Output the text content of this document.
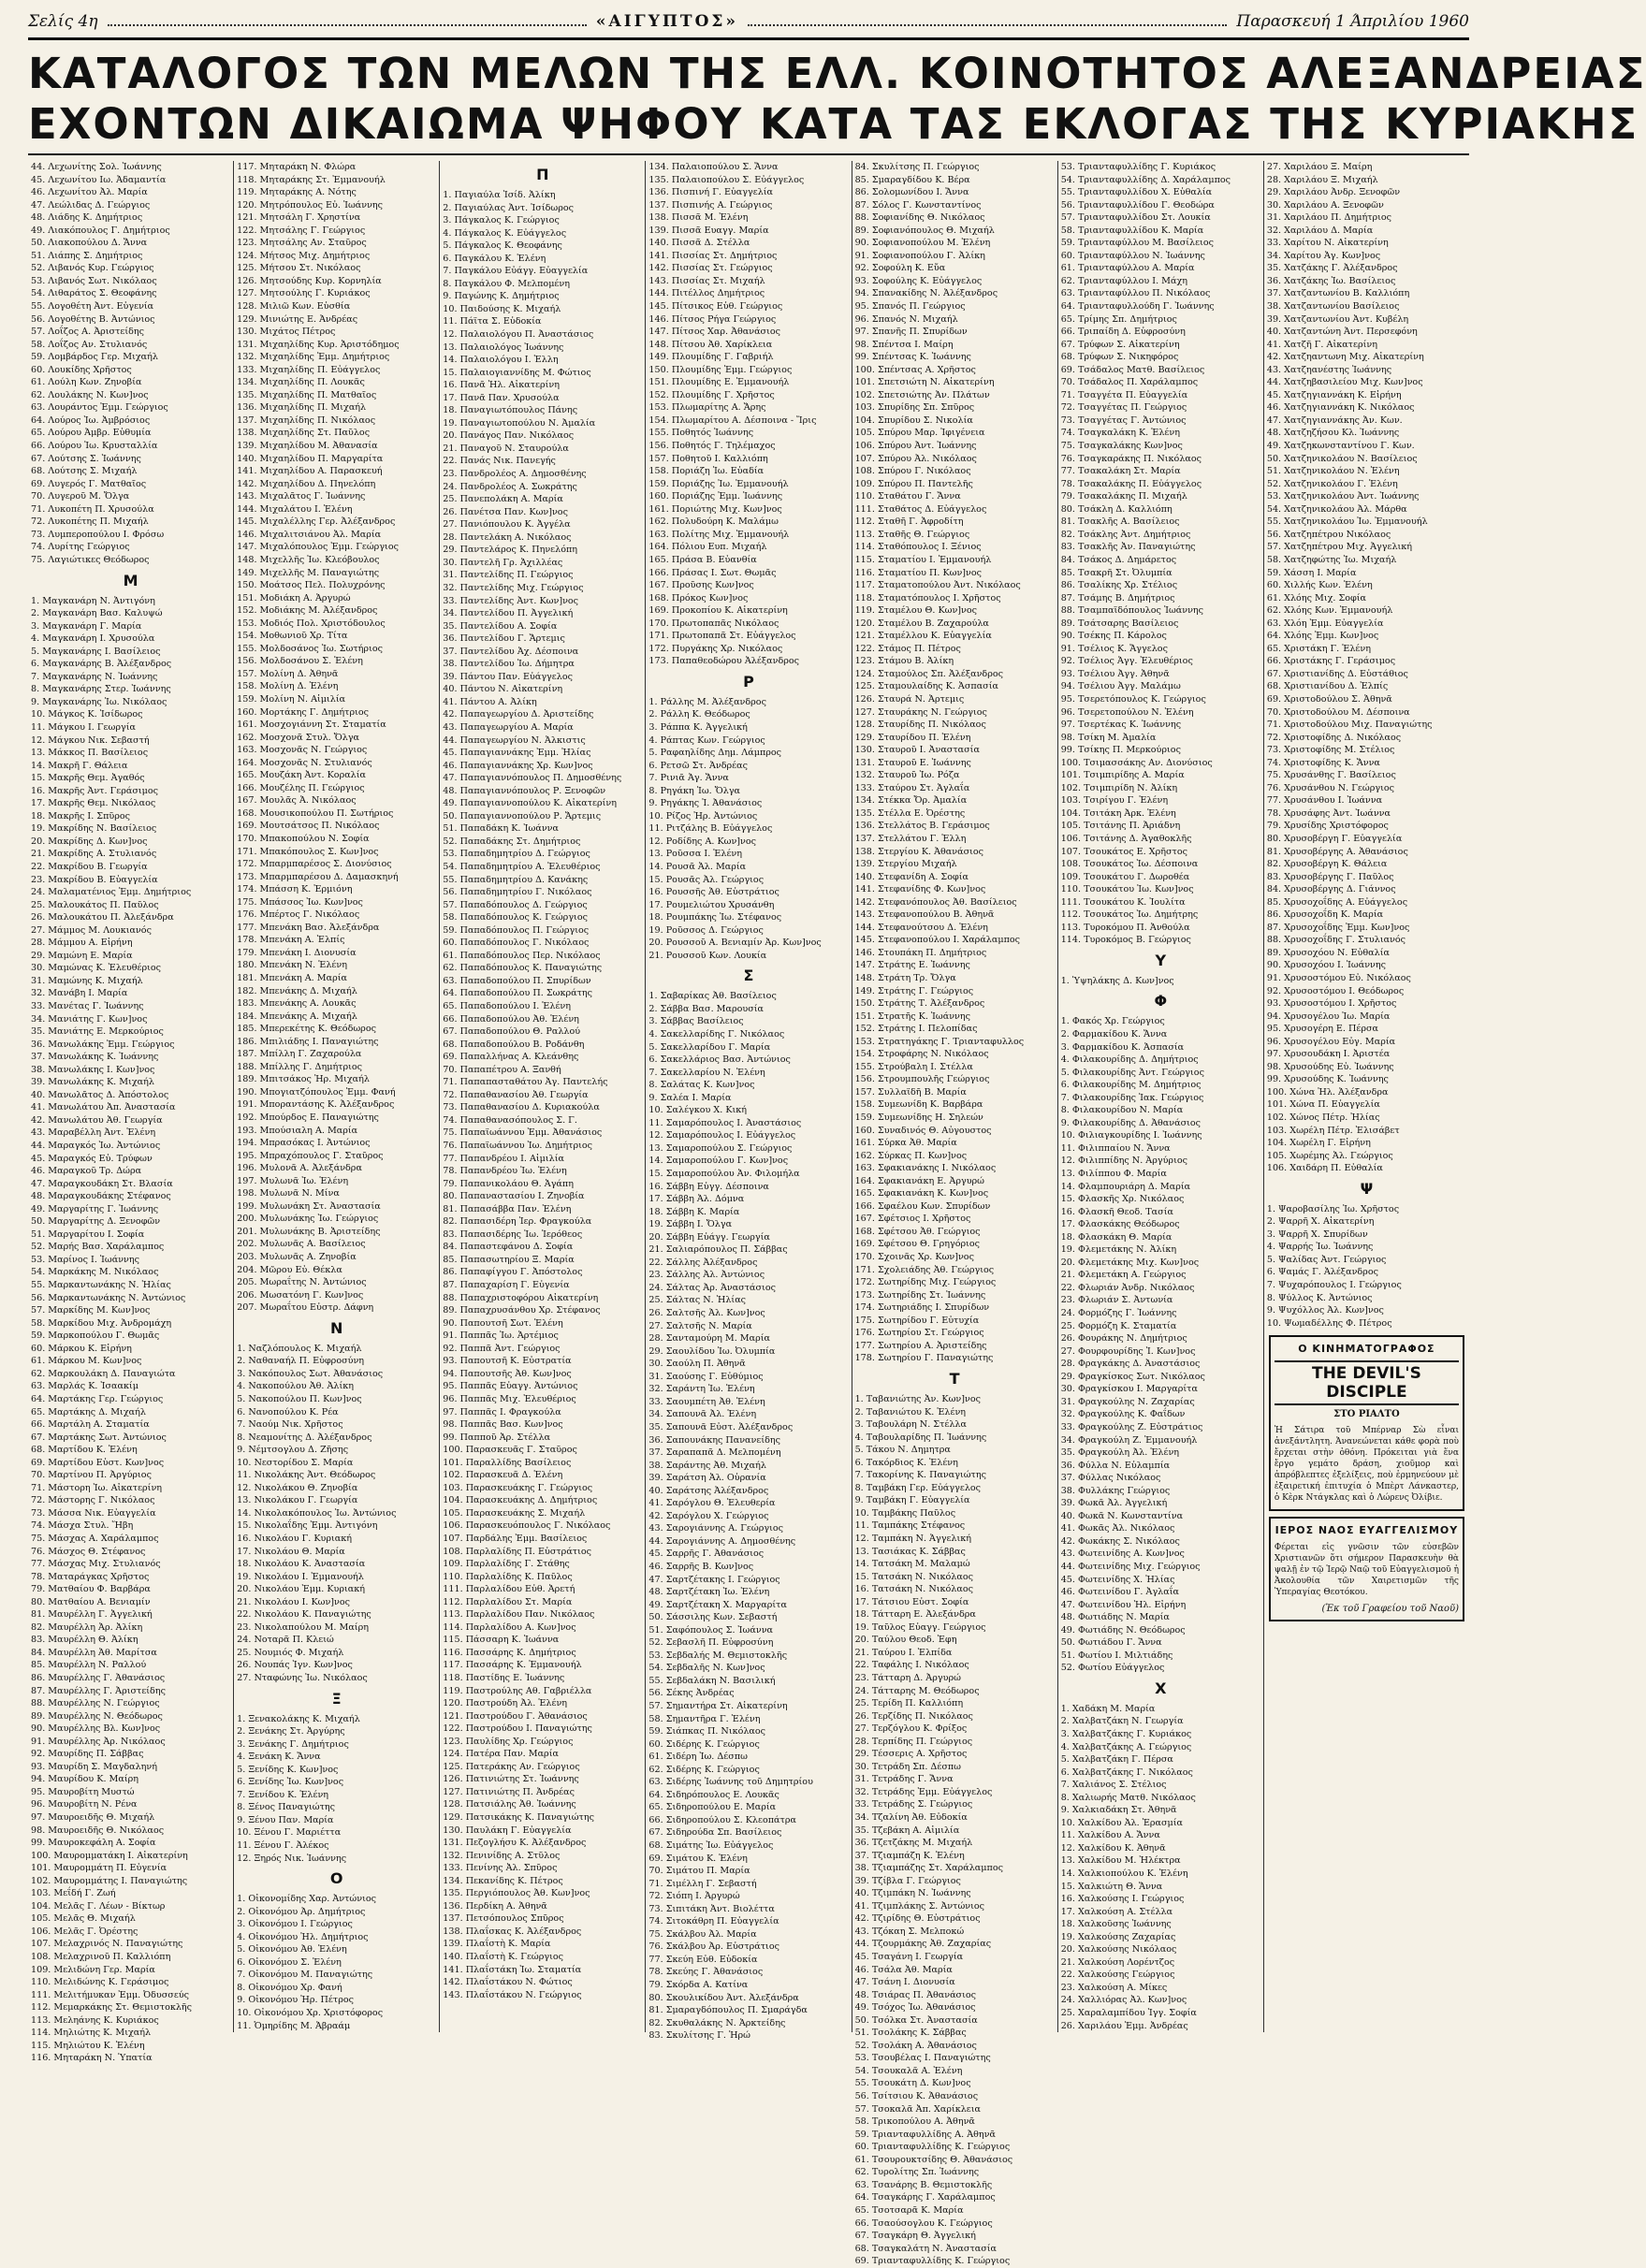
Σελίς 4η	«ΑΙΓΥΠΤΟΣ»	Παρασκευή 1 Άπριλίου 1960
ΚΑΤΑΛΟΓΟΣ ΤΩΝ ΜΕΛΩΝ ΤΗΣ ΕΛΛ. ΚΟΙΝΟΤΗΤΟΣ ΑΛΕΞΑΝΔΡΕΙΑΣ
ΕΧΟΝΤΩΝ ΔΙΚΑΙΩΜΑ ΨΗΦΟΥ ΚΑΤΑ ΤΑΣ ΕΚΛΟΓΑΣ ΤΗΣ ΚΥΡΙΑΚΗΣ
44. Λεχωνίτης Σολ. Ἰωάννης
45. Λεχωνίτου Ιω. Ἀδαμαντία
46. Λεχωνίτου Ἀλ. Μαρία
47. Λεώλιδας Δ. Γεώργιος
48. Λιάδης Κ. Δημήτριος
49. Λιακόπουλος Γ. Δημήτριος
50. Λιακοπούλου Δ. Ἄννα
51. Λιάπης Σ. Δημήτριος
52. Λιβανός Κυρ. Γεώργιος
53. Λιβανός Σωτ. Νικόλαος
54. Λιθαράτος Σ. Θεοφάνης
55. Λογοθέτη Ἀντ. Εὐγενία
56. Λογοθέτης Β. Ἀντώνιος
57. Λοΐζος Α. Ἀριστείδης
58. Λοΐζος Αν. Στυλιανός
59. Λομβάρδος Γερ. Μιχαήλ
60. Λουκίδης Χρῆστος
61. Λούλη Κων. Ζηνοβία
62. Λουλάκης Ν. Κων]νος
63. Λουράντος Ἐμμ. Γεώργιος
64. Λούρος Ἰω. Ἀμβρόσιος
65. Λούρου Ἀμβρ. Εὐθυμία
66. Λούρου Ἰω. Κρυσταλλία
67. Λούτσης Σ. Ἰωάννης
68. Λούτσης Σ. Μιχαήλ
69. Λυγερός Γ. Ματθαῖος
70. Λυγεροῦ Μ. Ὄλγα
71. Λυκοπέτη Π. Χρυσούλα
72. Λυκοπέτης Π. Μιχαήλ
73. Λυμπεροπούλου Ι. Φρόσω
74. Λυρίτης Γεώργιος
75. Λαγιώτικες Θεόδωρος
Μ
1. Μαγκανάρη Ν. Ἀντιγόνη
2. Μαγκανάρη Βασ. Καλυψώ
3. Μαγκανάρη Γ. Μαρία
4. Μαγκανάρη Ι. Χρυσούλα
5. Μαγκανάρης Ι. Βασίλειος
6. Μαγκανάρης Β. Ἀλέξανδρος
7. Μαγκανάρης Ν. Ἰωάννης
8. Μαγκανάρης Στερ. Ἰωάννης
9. Μαγκανάρης Ἰω. Νικόλαος
10. Μάγκος Κ. Ἰσίδωρος
11. Μάγκου Ι. Γεωργία
12. Μάγκου Νικ. Σεβαστή
13. Μάκκος Π. Βασίλειος
14. Μακρῆ Γ. Θάλεια
15. Μακρῆς Θεμ. Ἀγαθός
16. Μακρῆς Ἀντ. Γεράσιμος
17. Μακρῆς Θεμ. Νικόλαος
18. Μακρῆς Ι. Σπῦρος
19. Μακρίδης Ν. Βασίλειος
20. Μακρίδης Δ. Κων]νος
21. Μακρίδης Α. Στυλιανός
22. Μακρίδου Β. Γεωργία
23. Μακρίδου Β. Εὐαγγελία
24. Μαλαματένιος Ἐμμ. Δημήτριος
25. Μαλουκάτος Π. Παῦλος
26. Μαλουκάτου Π. Ἀλεξάνδρα
27. Μάμμος Μ. Λουκιανός
28. Μάμμου Α. Εἰρήνη
29. Μαμώνη Ε. Μαρία
30. Μαμώνας Κ. Ἐλευθέριος
31. Μαμώνης Κ. Μιχαήλ
32. Μανάβη Ι. Μαρία
33. Μανέτας Γ. Ἰωάννης
34. Μανιάτης Γ. Κων]νος
35. Μανιάτης Ε. Μερκούριος
36. Μανωλάκης Ἐμμ. Γεώργιος
37. Μανωλάκης Κ. Ἰωάννης
38. Μανωλάκης Ι. Κων]νος
39. Μανωλάκης Κ. Μιχαήλ
40. Μανωλᾶτος Δ. Ἀπόστολος
41. Μανωλάτου Ἀπ. Ἀναστασία
42. Μανωλάτου Ἀθ. Γεωργία
43. Μαραβέλλη Ἀντ. Ἑλένη
44. Μαραγκός Ἰω. Ἀντώνιος
45. Μαραγκός Εὐ. Τρύφων
46. Μαραγκοῦ Τρ. Δώρα
47. Μαραγκουδάκη Στ. Βλασία
48. Μαραγκουδάκης Στέφανος
49. Μαργαρίτης Γ. Ἰωάννης
50. Μαργαρίτης Δ. Ξενοφῶν
51. Μαργαρίτου Ι. Σοφία
52. Μαρής Βασ. Χαράλαμπος
53. Μαρίνος Ι. Ἰωάννης
54. Μαρκάκης Μ. Νικόλαος
55. Μαρκαντωνάκης Ν. Ἡλίας
56. Μαρκαντωνάκης Ν. Ἀντώνιος
57. Μαρκίδης Μ. Κων]νος
58. Μαρκίδου Μιχ. Ἀνδρομάχη
59. Μαρκοπούλου Γ. Θωμᾶς
60. Μάρκου Κ. Εἰρήνη
61. Μάρκου Μ. Κων]νος
62. Μαρκουλάκη Δ. Παναγιώτα
63. Μαρλάς Κ. Ἰσαακίμ
64. Μαρτάκης Γερ. Γεώργιος
65. Μαρτάκης Δ. Μιχαήλ
66. Μαρτάλη Α. Σταματία
67. Μαρτάκης Σωτ. Ἀντώνιος
68. Μαρτίδου Κ. Ἑλένη
69. Μαρτίδου Εὐστ. Κων]νος
70. Μαρτίνου Π. Ἀργύριος
71. Μάστορη Ἰω. Αἰκατερίνη
72. Μάστορης Γ. Νικόλαος
73. Μάσσα Νικ. Εὐαγγελία
74. Μάσχα Στυλ. Ἥβη
75. Μάσχας Α. Χαράλαμπος
76. Μάσχος Θ. Στέφανος
77. Μάσχας Μιχ. Στυλιανός
78. Ματαράγκας Χρῆστος
79. Ματθαίου Φ. Βαρβάρα
80. Ματθαίου Α. Βενιαμίν
81. Μαυρέλλη Γ. Ἀγγελική
82. Μαυρέλλη Ἀρ. Ἀλίκη
83. Μαυρέλλη Θ. Ἀλίκη
84. Μαυρέλλη Ἀθ. Μαρίτσα
85. Μαυρέλλη Ν. Ραλλού
86. Μαυρέλλης Γ. Ἀθανάσιος
87. Μαυρέλλης Γ. Ἀριστείδης
88. Μαυρέλλης Ν. Γεώργιος
89. Μαυρέλλης Ν. Θεόδωρος
90. Μαυρέλλης Βλ. Κων]νος
91. Μαυρέλλης Ἀρ. Νικόλαος
92. Μαυρίδης Π. Σάββας
93. Μαυρίδη Σ. Μαγδαληνή
94. Μαυρίδου Κ. Μαίρη
95. Μαυροβίτη Μυστώ
96. Μαυροβίτη Ν. Ρένα
97. Μαυροειδῆς Θ. Μιχαήλ
98. Μαυροειδῆς Θ. Νικόλαος
99. Μαυροκεφάλη Α. Σοφία
100. Μαυρομματάκη Ι. Αἰκατερίνη
101. Μαυρομμάτη Π. Εὐγενία
102. Μαυρομμάτης Ι. Παναγιώτης
103. Μεΐδή Γ. Ζωή
104. Μελᾶς Γ. Λέων - Βίκτωρ
105. Μελᾶς Θ. Μιχαήλ
106. Μελᾶς Γ. Ὀρέστης
107. Μελαχρινός Ν. Παναγιώτης
108. Μελαχρινοῦ Π. Καλλιόπη
109. Μελιδώνη Γερ. Μαρία
110. Μελιδώνης Κ. Γεράσιμος
111. Μελιτήμυκαν Ἐμμ. Ὀδυσσεύς
112. Μεμαρκάκης Στ. Θεμιστοκλῆς
113. Μεληάνης Κ. Κυριάκος
114. Μηλιώτης Κ. Μιχαήλ
115. Μηλιώτου Κ. Ἑλένη
116. Μηταράκη Ν. Ὑπατία
117. Μηταράκη Ν. Φλώρα
118. Μηταράκης Στ. Ἐμμανουήλ
119. Μηταράκης Α. Νότης
120. Μητρόπουλος Εὐ. Ἰωάννης
121. Μητσάλη Γ. Χρηστίνα
122. Μητσάλης Γ. Γεώργιος
123. Μητσάλης Αν. Σταῦρος
124. Μήτσος Μιχ. Δημήτριος
125. Μήτσου Στ. Νικόλαος
126. Μητσούδης Κυρ. Κορνηλία
127. Μητσούλης Γ. Κυριάκος
128. Μιλιῶ Κων. Εὐσθία
129. Μινιώτης Ε. Ἀνδρέας
130. Μιχάτος Πέτρος
131. Μιχαηλίδης Κυρ. Ἀριστόδημος
132. Μιχαηλίδης Ἐμμ. Δημήτριος
133. Μιχαηλίδης Π. Εὐάγγελος
134. Μιχαηλίδης Π. Λουκᾶς
135. Μιχαηλίδης Π. Ματθαῖος
136. Μιχαηλίδης Π. Μιχαήλ
137. Μιχαηλίδης Π. Νικόλαος
138. Μιχαηλίδης Στ. Παῦλος
139. Μιχαηλίδου Μ. Ἀθανασία
140. Μιχαηλίδου Π. Μαργαρίτα
141. Μιχαηλίδου Α. Παρασκευή
142. Μιχαηλίδου Δ. Πηνελόπη
143. Μιχαλᾶτος Γ. Ἰωάννης
144. Μιχαλάτου Ι. Ἑλένη
145. Μιχαλέλλης Γερ. Ἀλέξανδρος
146. Μιχαλιτσιάνου Ἀλ. Μαρία
147. Μιχαλόπουλος Ἐμμ. Γεώργιος
148. Μιχελλῆς Ἰω. Κλεόβουλος
149. Μιχελλῆς Μ. Παναγιώτης
150. Μοάτσος Πελ. Πολυχρόνης
151. Μοδιάκη Α. Ἀργυρώ
152. Μοδιάκης Μ. Ἀλέξανδρος
153. Μοδιός Πολ. Χριστόδουλος
154. Μοθωνιοῦ Χρ. Τίτα
155. Μολδοσάνος Ἰω. Σωτήριος
156. Μολδοσάνου Σ. Ἑλένη
157. Μολίνη Δ. Ἀθηνᾶ
158. Μολίνη Δ. Ἑλένη
159. Μολίνη Ν. Αἰμιλία
160. Μορτάκης Γ. Δημήτριος
161. Μοσχογιάννη Στ. Σταματία
162. Μοσχονᾶ Στυλ. Ὄλγα
163. Μοσχονᾶς Ν. Γεώργιος
164. Μοσχονᾶς Ν. Στυλιανός
165. Μουζάκη Ἀντ. Κοραλία
166. Μουζέλης Π. Γεώργιος
167. Μουλᾶς Ἀ. Νικόλαος
168. Μουσικοπούλου Π. Σωτήριος
169. Μουτσάτσος Π. Νικόλαος
170. Μπακοπούλου Ν. Σοφία
171. Μπακόπουλος Σ. Κων]νος
172. Μπαρμπαρέσος Σ. Διονύσιος
173. Μπαρμπαρέσου Δ. Δαμασκηνή
174. Μπάσση Κ. Ἐρμιόνη
175. Μπάσσος Ἰω. Κων]νος
176. Μπέρτος Γ. Νικόλαος
177. Μπενάκη Βασ. Ἀλεξάνδρα
178. Μπενάκη Α. Ἐλπίς
179. Μπενάκη Ι. Διονυσία
180. Μπενάκη Ν. Ἑλένη
181. Μπενάκη Α. Μαρία
182. Μπενάκης Δ. Μιχαήλ
183. Μπενάκης Α. Λουκᾶς
184. Μπενάκης Α. Μιχαήλ
185. Μπερεκέτης Κ. Θεόδωρος
186. Μπιλιάδης Ι. Παναγιώτης
187. Μπίλλη Γ. Ζαχαρούλα
188. Μπίλλης Γ. Δημήτριος
189. Μπιτσάκος Ἠρ. Μιχαήλ
190. Μπογιατζόπουλος Ἐμμ. Φανή
191. Μποραντάσης Κ. Ἀλέξανδρος
192. Μπούρδος Ε. Παναγιώτης
193. Μπούσιαλη Α. Μαρία
194. Μπρασόκας Ι. Ἀντώνιος
195. Μπραχόπουλος Γ. Σταῦρος
196. Μυλονᾶ Α. Ἀλεξάνδρα
197. Μυλωνᾶ Ἰω. Ἑλένη
198. Μυλωνᾶ Ν. Μίνα
199. Μυλωνάκη Στ. Ἀναστασία
200. Μυλωνάκης Ἰω. Γεώργιος
201. Μυλωνάκης Β. Ἀριστείδης
202. Μυλωνᾶς Α. Βασίλειος
203. Μυλωνᾶς Α. Ζηνοβία
204. Μῶρου Εὐ. Θέκλα
205. Μωραΐτης Ν. Ἀντώνιος
206. Μωσατόνη Γ. Κων]νος
207. Μωραΐτου Εὐστρ. Δάφνη
Ν
1. Ναζλόπουλος Κ. Μιχαήλ
2. Ναθαναήλ Π. Εὐφροσύνη
3. Νακόπουλος Σωτ. Ἀθανάσιος
4. Νακοπούλου Ἀθ. Ἀλίκη
5. Νακοπούλου Π. Κων]νος
6. Νανοπούλου Κ. Ρέα
7. Ναούμ Νικ. Χρῆστος
8. Νεαμονίτης Δ. Ἀλέξανδρος
9. Νέμτσογλου Δ. Ζῆσης
10. Νεστορίδου Σ. Μαρία
11. Νικολάκης Ἀντ. Θεόδωρος
12. Νικολάκου Θ. Ζηνοβία
13. Νικολάκου Γ. Γεωργία
14. Νικολακόπουλος Ἰω. Ἀντώνιος
15. Νικολαΐδης Ἐμμ. Ἀντιγόνη
16. Νικολάου Γ. Κυριακή
17. Νικολάου Θ. Μαρία
18. Νικολάου Κ. Ἀναστασία
19. Νικολάου Ι. Ἐμμανουήλ
20. Νικολάου Ἐμμ. Κυριακή
21. Νικολάου Ι. Κων]νος
22. Νικολάου Κ. Παναγιώτης
23. Νικολαπούλου Μ. Μαίρη
24. Νοταρᾶ Π. Κλειώ
25. Νουμιός Φ. Μιχαήλ
26. Νουπάς Ἰγν. Κων]νος
27. Νταφώνης Ἰω. Νικόλαος
Ξ
1. Ξενακολάκης Κ. Μιχαήλ
2. Ξενάκης Στ. Ἀργύρης
3. Ξενάκης Γ. Δημήτριος
4. Ξενάκη Κ. Ἄννα
5. Ξενίδης Κ. Κων]νος
6. Ξενίδης Ἰω. Κων]νος
7. Ξενίδου Κ. Ἑλένη
8. Ξένος Παναγιώτης
9. Ξένου Παν. Μαρία
10. Ξένου Γ. Μαριέττα
11. Ξένου Γ. Ἀλέκος
12. Ξηρός Νικ. Ἰωάννης
Ο
1. Οἰκονομίδης Χαρ. Ἀντώνιος
2. Οἰκονόμου Ἀρ. Δημήτριος
3. Οἰκονόμου Ι. Γεώργιος
4. Οἰκονόμου Ἠλ. Δημήτριος
5. Οἰκονόμου Ἀθ. Ἑλένη
6. Οἰκονόμου Σ. Ἑλένη
7. Οἰκονόμου Μ. Παναγιώτης
8. Οἰκονόμου Χρ. Φανή
9. Οἰκονόμου Ἠρ. Πέτρος
10. Οἰκονόμου Χρ. Χριστόφορος
11. Ὁμηρίδης Μ. Ἀβραάμ
Π
1. Παγιαύλα Ἰσίδ. Ἀλίκη
2. Παγιαύλας Ἀντ. Ἰσίδωρος
3. Πάγκαλος Κ. Γεώργιος
4. Πάγκαλος Κ. Εὐάγγελος
5. Πάγκαλος Κ. Θεοφάνης
6. Παγκάλου Κ. Ἑλένη
7. Παγκάλου Εὐάγγ. Εὐαγγελία
8. Παγκάλου Φ. Μελπομένη
9. Παγώνης Κ. Δημήτριος
10. Παιδούσης Κ. Μιχαήλ
11. Πάϊτα Σ. Εὐδοκία
12. Παλαιολόγου Π. Ἀναστάσιος
13. Παλαιολόγος Ἰωάννης
14. Παλαιολόγου Ι. Ἑλλη
15. Παλαιογιαννίδης Μ. Φώτιος
16. Πανᾶ Ἠλ. Αἰκατερίνη
17. Πανᾶ Παν. Χρυσούλα
18. Παναγιωτόπουλος Πάνης
19. Παναγιωτοπούλου Ν. Ἀμαλία
20. Πανάγος Παν. Νικόλαος
21. Παναγοῦ Ν. Σταυρούλα
22. Πανάς Νικ. Πανεγής
23. Πανδρολέος Α. Δημοσθένης
24. Πανδρολέος Α. Σωκράτης
25. Πανεπολάκη Α. Μαρία
26. Πανέτσα Παν. Κων]νος
27. Πανιόπουλου Κ. Ἀγγέλα
28. Παντελάκη Α. Νικόλαος
29. Παντελάρος Κ. Πηνελόπη
30. Παντελῆ Γρ. Ἀχιλλέας
31. Παντελίδης Π. Γεώργιος
32. Παντελίδης Μιχ. Γεώργιος
33. Παντελίδης Ἀντ. Κων]νος
34. Παντελίδου Π. Ἀγγελική
35. Παντελίδου Α. Σοφία
36. Παντελίδου Γ. Ἄρτεμις
37. Παντελίδου Ἀχ. Δέσποινα
38. Παντελίδου Ἰω. Δήμητρα
39. Πάντου Παν. Εὐάγγελος
40. Πάντου Ν. Αἰκατερίνη
41. Πάντου Α. Ἀλίκη
42. Παπαγεωργίου Δ. Ἀριστείδης
43. Παπαγεωργίου Α. Μαρία
44. Παπαγεωργίου Ν. Ἀλκιστις
45. Παπαγιαννάκης Ἐμμ. Ἠλίας
46. Παπαγιαννάκης Χρ. Κων]νος
47. Παπαγιαννόπουλος Π. Δημοσθένης
48. Παπαγιαννόπουλος Ρ. Ξενοφῶν
49. Παπαγιαννοπούλου Κ. Αἰκατερίνη
50. Παπαγιαννοπούλου Ρ. Ἄρτεμις
51. Παπαδάκη Κ. Ἰωάννα
52. Παπαδάκης Στ. Δημήτριος
53. Παπαδημητρίου Δ. Γεώργιος
54. Παπαδημητρίου Α. Ἐλευθέριος
55. Παπαδημητρίου Δ. Κανάκης
56. Παπαδημητρίου Γ. Νικόλαος
57. Παπαδόπουλος Δ. Γεώργιος
58. Παπαδόπουλος Κ. Γεώργιος
59. Παπαδόπουλος Π. Γεώργιος
60. Παπαδόπουλος Γ. Νικόλαος
61. Παπαδόπουλος Περ. Νικόλαος
62. Παπαδόπουλος Κ. Παναγιώτης
63. Παπαδοπούλου Π. Σπυρίδων
64. Παπαδοπούλου Π. Σωκράτης
65. Παπαδοπούλου Ι. Ἑλένη
66. Παπαδοπούλου Ἀθ. Ἑλένη
67. Παπαδοπούλου Θ. Ραλλού
68. Παπαδοπούλου Β. Ροδάνθη
69. Παπαλλήνας Α. Κλεάνθης
70. Παπαπέτρου Α. Ξανθή
71. Παπαπασταθάτου Ἀγ. Παντελής
72. Παπαθανασίου Ἀθ. Γεωργία
73. Παπαθανασίου Δ. Κυριακούλα
74. Παπαθανασόπουλος Σ. Γ.
75. Παπαϊωάννου Ἐμμ. Ἀθανάσιος
76. Παπαϊωάννου Ἰω. Δημήτριος
77. Παπανδρέου Ι. Αἰμιλία
78. Παπανδρέου Ἰω. Ἑλένη
79. Παπανικολάου Θ. Ἀγάπη
80. Παπαναστασίου Ι. Ζηνοβία
81. Παπασάββα Παν. Ἑλένη
82. Παπασιδέρη Ἱερ. Φραγκούλα
83. Παπασιδέρης Ἰω. Ἱερόθεος
84. Παπαστεφάνου Δ. Σοφία
85. Παπασωτηρίου Ξ. Μαρία
86. Παπαφίγγου Γ. Ἀπόστολος
87. Παπαχαρίση Γ. Εὐγενία
88. Παπαχριστοφόρου Αἰκατερίνη
89. Παπαχρυσάνθου Χρ. Στέφανος
90. Παπουτσῆ Σωτ. Ἑλένη
91. Παππᾶς Ἰω. Ἀρτέμιος
92. Παππᾶ Ἀντ. Γεώργιος
93. Παπουτσῆ Κ. Εὐστρατία
94. Παπουτσῆς Ἀθ. Κων]νος
95. Παππᾶς Εὐαγγ. Ἀντώνιος
96. Παππᾶς Μιχ. Ἐλευθέριος
97. Παππᾶς Ι. Φραγκούλα
98. Παππᾶς Βασ. Κων]νος
99. Παπποῦ Ἀρ. Στέλλα
100. Παρασκευᾶς Γ. Σταῦρος
101. Παραλλίδης Βασίλειος
102. Παρασκευᾶ Δ. Ἑλένη
103. Παρασκευάκης Γ. Γεώργιος
104. Παρασκευάκης Δ. Δημήτριος
105. Παρασκευάκης Σ. Μιχαήλ
106. Παρασκευόπουλος Γ. Νικόλαος
107. Παρδάλης Ἐμμ. Βασίλειος
108. Παρλαλίδης Π. Εὐστράτιος
109. Παρλαλίδης Γ. Στάθης
110. Παρλαλίδης Κ. Παῦλος
111. Παρλαλίδου Εὐθ. Ἀρετή
112. Παρλαλίδου Στ. Μαρία
113. Παρλαλίδου Παν. Νικόλαος
114. Παρλαλίδου Α. Κων]νος
115. Πάσσαρη Κ. Ἰωάννα
116. Πασσάρης Κ. Δημήτριος
117. Πασσάρης Κ. Ἐμμανουήλ
118. Παστίδης Ε. Ἰωάννης
119. Παστρούλης Αθ. Γαβριέλλα
120. Παστρούδη Ἀλ. Ἑλένη
121. Παστρούδου Γ. Ἀθανάσιος
122. Παστρούδου Ι. Παναγιώτης
123. Παυλίδης Χρ. Γεώργιος
124. Πατέρα Παν. Μαρία
125. Πατεράκης Αν. Γεώργιος
126. Πατινιώτης Στ. Ἰωάννης
127. Πατινιώτης Π. Ἀνδρέας
128. Πατσιάλης Ἀθ. Ἰωάννης
129. Πατσικάκης Κ. Παναγιώτης
130. Παυλάκη Γ. Εὐαγγελία
131. Πεζογλήσυ Κ. Ἀλέξανδρος
132. Πενινίδης Α. Στῦλος
133. Πενίνης Ἀλ. Σπῦρος
134. Πεκανίδης Κ. Πέτρος
135. Περγιόπουλος Ἀθ. Κων]νος
136. Περδίκη Α. Ἀθηνᾶ
137. Πετσόπουλος Σπῦρος
138. Πλαΐσκας Κ. Ἀλέξανδρος
139. Πλαΐστὴ Κ. Μαρία
140. Πλαΐστὴ Κ. Γεώργιος
141. Πλαΐστάκη Ἰω. Σταματία
142. Πλαΐστάκου Ν. Φώτιος
143. Πλαΐστάκου Ν. Γεώργιος
134. Παλαιοπούλου Σ. Ἄννα
135. Παλαιοπούλου Σ. Εὐάγγελος
136. Πισπινή Γ. Εὐαγγελία
137. Πισπινής Α. Γεώργιος
138. Πισσᾶ Μ. Ἐλένη
139. Πισσᾶ Ευαγγ. Μαρία
140. Πισσᾶ Δ. Στέλλα
141. Πισσίας Στ. Δημήτριος
142. Πισσίας Στ. Γεώργιος
143. Πισσίας Στ. Μιχαήλ
144. Πιτέλλος Δημήτριος
145. Πίτσικος Εὐθ. Γεώργιος
146. Πίτσος Ρήγα Γεώργιος
147. Πίτσος Χαρ. Ἀθανάσιος
148. Πίτσου Ἀθ. Χαρίκλεια
149. Πλουμίδης Γ. Γαβριήλ
150. Πλουμίδης Ἐμμ. Γεώργιος
151. Πλουμίδης Ε. Ἐμμανουήλ
152. Πλουμίδης Γ. Χρῆστος
153. Πλωμαρίτης Α. Ἄρης
154. Πλωμαρίτου Α. Δέσποινα - Ἴρις
155. Ποθητός Ἰωάννης
156. Ποθητός Γ. Τηλέμαχος
157. Ποθητοῦ Ι. Καλλιόπη
158. Ποριάζη Ἰω. Εὐαδία
159. Ποριάζης Ἰω. Ἐμμανουήλ
160. Ποριάζης Ἐμμ. Ἰωάννης
161. Ποριώτης Μιχ. Κων]νος
162. Πολυδούρη Κ. Μαλάμω
163. Πολίτης Μιχ. Ἐμμανουήλ
164. Πόλιου Ευπ. Μιχαήλ
165. Πράσα Β. Εὐανθία
166. Πράσας Ι. Σωτ. Θωμᾶς
167. Προῦσης Κων]νος
168. Πρόκος Κων]νος
169. Προκοπίου Κ. Αἰκατερίνη
170. Πρωτοπαπᾶς Νικόλαος
171. Πρωτοπαπᾶ Στ. Εὐάγγελος
172. Πυργάκης Χρ. Νικόλαος
173. Παπαθεοδώρου Ἀλέξανδρος
Ρ
1. Ράλλης Μ. Ἀλέξανδρος
2. Ράλλη Κ. Θεόδωρος
3. Ράππα Κ. Ἀγγελική
4. Ράπτας Κων. Γεώργιος
5. Ραφαηλίδης Δημ. Λάμπρος
6. Ρετσῶ Στ. Ἀνδρέας
7. Ρινιᾶ Ἀγ. Ἄννα
8. Ρηγάκη Ἰω. Ὄλγα
9. Ρηγάκης Ἰ. Ἀθανάσιος
10. Ρίζος Ἠρ. Ἀντώνιος
11. Ριτζάλης Β. Εὐάγγελος
12. Ροδίδης Α. Κων]νος
13. Ροῦσσα Ι. Ἑλένη
14. Ρουσᾶ Ἀλ. Μαρία
15. Ρουσᾶς Ἀλ. Γεώργιος
16. Ρουσσῆς Ἀθ. Εὐστράτιος
17. Ρουμελιώτου Χρυσάνθη
18. Ρουμπάκης Ἰω. Στέφανος
19. Ροῦσσος Δ. Γεώργιος
20. Ρουσσοῦ Α. Βενιαμίν Ἀρ. Κων]νος
21. Ρουσσοῦ Κων. Λουκία
Σ
1. Σαβαρίκας Ἀθ. Βασίλειος
2. Σάββα Βασ. Μαρουσία
3. Σάββας Βασίλειος
4. Σακελλαρίδης Γ. Νικόλαος
5. Σακελλαρίδου Γ. Μαρία
6. Σακελλάριος Βασ. Ἀντώνιος
7. Σακελλαρίου Ν. Ἑλένη
8. Σαλάτας Κ. Κων]νος
9. Σαλέα Ι. Μαρία
10. Σαλέγκου Χ. Κική
11. Σαμαρόπουλος Ι. Ἀναστάσιος
12. Σαμαρόπουλος Ι. Εὐάγγελος
13. Σαμαροπούλου Σ. Γεώργιος
14. Σαμαροπούλου Γ. Κων]νος
15. Σαμαροπούλου Ἀν. Φιλομήλα
16. Σάββη Εὐγγ. Δέσποινα
17. Σάββη Ἀλ. Δόμνα
18. Σάββη Κ. Μαρία
19. Σάββη Ι. Ὄλγα
20. Σάββη Εὐάγγ. Γεωργία
21. Σαλιαρόπουλος Π. Σάββας
22. Σάλλης Ἀλέξανδρος
23. Σάλλης Ἀλ. Ἀντώνιος
24. Σάλτας Ἀρ. Ἀναστάσιος
25. Σάλτας Ν. Ἠλίας
26. Σαλτσῆς Ἀλ. Κων]νος
27. Σαλτσῆς Ν. Μαρία
28. Σανταμούρη Μ. Μαρία
29. Σαουλίδου Ἰω. Ὀλυμπία
30. Σαούλη Π. Ἀθηνᾶ
31. Σαούσης Γ. Εὐθύμιος
32. Σαράντη Ἰω. Ἑλένη
33. Σαουμπέτη Ἀθ. Ἑλένη
34. Σαπουνᾶ Ἀλ. Ἑλένη
35. Σαπουνᾶ Εὐστ. Ἀλέξανδρος
36. Σαπουνάκης Πανανείδης
37. Σαραπαπᾶ Δ. Μελπομένη
38. Σαράντης Ἀθ. Μιχαήλ
39. Σαράτση Ἀλ. Οὐρανία
40. Σαράτσης Ἀλέξανδρος
41. Σαρόγλου Θ. Ἐλευθερία
42. Σαρόγλου Χ. Γεώργιος
43. Σαρογιάννης Α. Γεώργιος
44. Σαρογιάννης Α. Δημοσθένης
45. Σαρρῆς Γ. Ἀθανάσιος
46. Σαρρῆς Β. Κων]νος
47. Σαρτζέτακης Ι. Γεώργιος
48. Σαρτζέτακη Ἰω. Ἑλένη
49. Σαρτζέτακη Χ. Μαργαρίτα
50. Σάσσιλης Κων. Σεβαστή
51. Σαφόπουλος Σ. Ἰωάννα
52. Σεβασλῆ Π. Εὐφροσύνη
53. Σεβδαλής Μ. Θεμιστοκλῆς
54. Σεβδαλῆς Ν. Κων]νος
55. Σεβδαλάκη Ν. Βασιλική
56. Σέκης Ἀνδρέας
57. Σημαντήρα Στ. Αἰκατερίνη
58. Σημαντῆρα Γ. Ἑλένη
59. Σιάπκας Π. Νικόλαος
60. Σιδέρης Κ. Γεώργιος
61. Σιδέρη Ἰω. Δέσπω
62. Σιδέρης Κ. Γεώργιος
63. Σιδέρης Ἰωάννης τοῦ Δημητρίου
64. Σιδηρόπουλος Ε. Λουκᾶς
65. Σιδηροπούλου Ε. Μαρία
66. Σιδηροπούλου Σ. Κλεοπάτρα
67. Σιδηρούδα Σπ. Βασίλειος
68. Σιμάτης Ἰω. Εὐάγγελος
69. Σιμάτου Κ. Ἑλένη
70. Σιμάτου Π. Μαρία
71. Σιμέλλη Γ. Σεβαστή
72. Σιόπη Ι. Ἀργυρώ
73. Σιπιτάκη Ἀντ. Βιολέττα
74. Σιτοκάθρη Π. Εὐαγγελία
75. Σκάλβου Ἀλ. Μαρία
76. Σκάλβου Ἀρ. Εὐστράτιος
77. Σκεύη Εὐθ. Εὐδοκία
78. Σκεύης Γ. Ἀθανάσιος
79. Σκόρδα Α. Κατίνα
80. Σκουλικίδου Ἀντ. Ἀλεξάνδρα
81. Σμαραγδόπουλος Π. Σμαράγδα
82. Σκυθαλάκης Ν. Ἀρκτείδης
83. Σκυλίτσης Γ. Ἡρώ
84. Σκυλίτσης Π. Γεώργιος
85. Σμαραγδίδου Κ. Βέρα
86. Σολομωνίδου Ι. Ἄννα
87. Σόλος Γ. Κωνσταντίνος
88. Σοφιανίδης Θ. Νικόλαος
89. Σοφιανόπουλος Θ. Μιχαήλ
90. Σοφιανοπούλου Μ. Ἑλένη
91. Σοφιανοπούλου Γ. Ἀλίκη
92. Σοφούλη Κ. Εὔα
93. Σοφούλης Κ. Εὐάγγελος
94. Σπανακίδης Ν. Ἀλέξανδρος
95. Σπανός Π. Γεώργιος
96. Σπανός Ν. Μιχαήλ
97. Σπανῆς Π. Σπυρίδων
98. Σπέντσα Ι. Μαίρη
99. Σπέντσας Κ. Ἰωάννης
100. Σπέντσας Α. Χρῆστος
101. Σπετσιώτη Ν. Αἰκατερίνη
102. Σπετσιώτης Ἀν. Πλάτων
103. Σπυρίδης Σπ. Σπῦρος
104. Σπυρίδου Σ. Νικολία
105. Σπύρου Μαρ. Ἰφιγένεια
106. Σπύρου Ἀντ. Ἰωάννης
107. Σπύρου Ἀλ. Νικόλαος
108. Σπύρου Γ. Νικόλαος
109. Σπύρου Π. Παντελῆς
110. Σταθάτου Γ. Ἄννα
111. Σταθάτος Δ. Εὐάγγελος
112. Σταθῆ Γ. Ἀφροδίτη
113. Σταθῆς Θ. Γεώργιος
114. Σταθόπουλος Ι. Ξένιος
115. Σταματίου Ι. Ἐμμανουήλ
116. Σταματίου Π. Κων]νος
117. Σταματοπούλου Ἀντ. Νικόλαος
118. Σταματόπουλος Ι. Χρῆστος
119. Σταμέλου Θ. Κων]νος
120. Σταμέλου Β. Ζαχαρούλα
121. Σταμέλλου Κ. Εὐαγγελία
122. Στάμος Π. Πέτρος
123. Στάμου Β. Ἀλίκη
124. Σταμούλος Σπ. Ἀλέξανδρος
125. Σταμουλαίδης Κ. Ἀσπασία
126. Σταυρά Ν. Ἀρτεμις
127. Σταυράκης Ν. Γεώργιος
128. Σταυρίδης Π. Νικόλαος
129. Σταυρίδου Π. Ἑλένη
130. Σταυροῦ Ι. Ἀναστασία
131. Σταυροῦ Ε. Ἰωάννης
132. Σταυροῦ Ἰω. Ρόζα
133. Σταύρου Στ. Ἀγλαΐα
134. Στέκκα Ὄρ. Ἀμαλία
135. Στέλλα Ε. Ὀρέστης
136. Στελλάτος Β. Γεράσιμος
137. Στελλάτου Γ. Ἑλλη
138. Στεργίου Κ. Ἀθανάσιος
139. Στεργίου Μιχαήλ
140. Στεφανίδη Α. Σοφία
141. Στεφανίδης Φ. Κων]νος
142. Στεφανόπουλος Ἀθ. Βασίλειος
143. Στεφανοπούλου Β. Ἀθηνᾶ
144. Στεφανούτσου Δ. Ἑλένη
145. Στεφανοπούλου Ι. Χαράλαμπος
146. Στουπάκη Π. Δημήτριος
147. Στράτης Ε. Ἰωάννης
148. Στράτη Τρ. Ὄλγα
149. Στράτης Γ. Γεώργιος
150. Στράτης Τ. Ἀλέξανδρος
151. Στρατῆς Κ. Ἰωάννης
152. Στράτης Ι. Πελοπίδας
153. Στρατηγάκης Γ. Τριανταφυλλος
154. Στροφάρης Ν. Νικόλαος
155. Στρούβαλη Ι. Στέλλα
156. Στρουμπουλῆς Γεώργιος
157. Συλλαϊδῆ Β. Μαρία
158. Συμεωνίδη Κ. Βαρβάρα
159. Συμεωνίδης Η. Σηλεών
160. Συναδινός Θ. Αὐγουστος
161. Σύρκα Ἀθ. Μαρία
162. Σύρκας Π. Κων]νος
163. Σφακιανάκης Ι. Νικόλαος
164. Σφακιανάκη Ε. Ἀργυρώ
165. Σφακιανάκη Κ. Κων]νος
166. Σφαέλου Κων. Σπυρίδων
167. Σφέτσιος Ι. Χρῆστος
168. Σφέτσου Ἀθ. Γεώργιος
169. Σφέτσου Θ. Γρηγόριος
170. Σχοινᾶς Χρ. Κων]νος
171. Σχολειάδης Ἀθ. Γεώργιος
172. Σωτηρίδης Μιχ. Γεώργιος
173. Σωτηρίδης Στ. Ἰωάννης
174. Σωτηριάδης Ι. Σπυρίδων
175. Σωτηρίδου Γ. Εὐτυχία
176. Σωτηρίου Στ. Γεώργιος
177. Σωτηρίου Α. Ἀριστείδης
178. Σωτηρίου Γ. Παναγιώτης
Τ
1. Ταβανιώτης Ἀν. Κων]νος
2. Ταβανιώτου Κ. Ἑλένη
3. Ταβουλάρη Ν. Στέλλα
4. Ταβουλαρίδης Π. Ἰωάννης
5. Τάκου Ν. Δημητρα
6. Τακόρδιος Κ. Ἐλένη
7. Τακορίνης Κ. Παναγιώτης
8. Ταμβάκη Γερ. Εὐάγγελος
9. Ταμβάκη Γ. Εὐαγγελία
10. Ταμβάκης Παῦλος
11. Ταμπάκης Στέφανος
12. Ταμπάκη Ν. Ἀγγελική
13. Τασιάκας Κ. Σάββας
14. Τατσάκη Μ. Μαλαμώ
15. Τατσάκη Ν. Νικόλαος
16. Τατσάκη Ν. Νικόλαος
17. Τάτσιου Εὐστ. Σοφία
18. Τάτταρη Ε. Ἀλεξάνδρα
19. Ταῦλος Εὐαγγ. Γεώργιος
20. Ταύλου Θεοδ. Ἐφη
21. Ταύρου Ι. Ἐλπίδα
22. Ταφάλης Ι. Νικόλαος
23. Τάτταρη Δ. Ἀργυρώ
24. Τάτταρης Μ. Θεόδωρος
25. Τερίδη Π. Καλλιόπη
26. Τερζίδης Π. Νικόλαος
27. Τερζόγλου Κ. Φρίξος
28. Τερπίδης Π. Γεώργιος
29. Τέσσερις Α. Χρῆστος
30. Τετράδη Σπ. Δέσπω
31. Τετράδης Γ. Ἄννα
32. Τετράδης Ἐμμ. Εὐάγγελος
33. Τετράδης Σ. Γεώργιος
34. Τζαλίνη Ἀθ. Εὐδοκία
35. Τζεβάκη Α. Αἰμιλία
36. Τζετζάκης Μ. Μιχαήλ
37. Τζιαμπάζη Κ. Ἑλένη
38. Τζιαμπάζης Στ. Χαράλαμπος
39. Τζίβλα Γ. Γεώργιος
40. Τζιμπάκη Ν. Ἰωάννης
41. Τζιμπλάκης Σ. Ἀντώνιος
42. Τζιρίδης Θ. Εὐστράτιος
43. Τζόκαη Σ. Μελποκώ
44. Τζουρμάκης Ἀθ. Ζαχαρίας
45. Τσαγάνη Ι. Γεωργία
46. Τσάλα Ἀθ. Μαρία
47. Τσάνη Ι. Διονυσία
48. Τσιάρας Π. Ἀθανάσιος
49. Τσόχος Ἰω. Ἀθανάσιος
50. Τσόλκα Στ. Ἀναστασία
51. Τσολάκης Κ. Σάββας
52. Τσολάκη Α. Ἀθανάσιος
53. Τσουβέλας Ι. Παναγιώτης
54. Τσουκαλᾶ Α. Ἐλένη
55. Τσουκάτη Δ. Κων]νος
56. Τσίτσιου Κ. Ἀθανάσιος
57. Τσοκαλᾶ Ἀπ. Χαρίκλεια
58. Τρικοπούλου Α. Ἀθηνᾶ
59. Τριανταφυλλίδης Α. Ἀθηνᾶ
60. Τριανταφυλλίδης Κ. Γεώργιος
61. Τσουρουκτσίδης Θ. Ἀθανάσιος
62. Τυρολίτης Σπ. Ἰωάννης
63. Τσανάρης Β. Θεμιστοκλῆς
64. Τσαγκάρης Γ. Χαράλαμπος
65. Τσοτσαρᾶ Κ. Μαρία
66. Τσαούσογλου Κ. Γεώργιος
67. Τσαγκάρη Θ. Ἀγγελική
68. Τσαγκαλάτη Ν. Ἀναστασία
69. Τριανταφυλλίδης Κ. Γεώργιος
53. Τριανταφυλλίδης Γ. Κυριάκος
54. Τριανταφυλλίδης Δ. Χαράλαμπος
55. Τριανταφυλλίδου Χ. Εὐθαλία
56. Τριανταφυλλίδου Γ. Θεοδώρα
57. Τριανταφυλλίδου Στ. Λουκία
58. Τριανταφυλλίδου Κ. Μαρία
59. Τριανταφύλλου Μ. Βασίλειος
60. Τριανταφύλλου Ν. Ἰωάννης
61. Τριανταφύλλου Α. Μαρία
62. Τριανταφύλλου Ι. Μάχη
63. Τριανταφύλλου Π. Νικόλαος
64. Τριανταφυλλούδη Γ. Ἰωάννης
65. Τρίμης Σπ. Δημήτριος
66. Τριπαίδη Δ. Εὐφροσύνη
67. Τρύφων Σ. Αἰκατερίνη
68. Τρύφων Σ. Νικηφόρος
69. Τσάδαλος Ματθ. Βασίλειος
70. Τσάδαλος Π. Χαράλαμπος
71. Τσαγγέτα Π. Εὐαγγελία
72. Τσαγγέτας Π. Γεώργιος
73. Τσαγγέτας Γ. Ἀντώνιος
74. Τσαγκαλάκη Κ. Ἑλένη
75. Τσαγκαλάκης Κων]νος
76. Τσαγκαράκης Π. Νικόλαος
77. Τσακαλάκη Στ. Μαρία
78. Τσακαλάκης Π. Εὐάγγελος
79. Τσακαλάκης Π. Μιχαήλ
80. Τσάκλη Δ. Καλλιόπη
81. Τσακλῆς Α. Βασίλειος
82. Τσάκλης Ἀντ. Δημήτριος
83. Τσακλῆς Ἀν. Παναγιώτης
84. Τσάκος Δ. Δημάρετος
85. Τσακρῆ Στ. Ὀλυμπία
86. Τσαλίκης Χρ. Στέλιος
87. Τσάμης Β. Δημήτριος
88. Τσαμπαϊδόπουλος Ἰωάννης
89. Τσάτσαρης Βασίλειος
90. Τσέκης Π. Κάρολος
91. Τσέλιος Κ. Ἄγγελος
92. Τσέλιος Ἀγγ. Ἐλευθέριος
93. Τσέλιου Ἀγγ. Ἀθηνᾶ
94. Τσέλιου Ἀγγ. Μαλάμω
95. Τσερετόπουλος Κ. Γεώργιος
96. Τσερετοπούλου Ν. Ἑλένη
97. Τσερτέκας Κ. Ἰωάννης
98. Τσίκη Μ. Ἀμαλία
99. Τσίκης Π. Μερκούριος
100. Τσιμασσάκης Αν. Διονύσιος
101. Τσιμπιρίδης Α. Μαρία
102. Τσιμπιρίδη Ν. Ἀλίκη
103. Τσιρίγου Γ. Ἑλένη
104. Τσιτάκη Ἀρκ. Ἑλένη
105. Τσιτάνης Π. Ἀριάδνη
106. Τσιτάνης Δ. Ἀγαθοκλῆς
107. Τσουκάτος Ε. Χρῆστος
108. Τσουκάτος Ἰω. Δέσποινα
109. Τσουκάτου Γ. Δωροθέα
110. Τσουκάτου Ἰω. Κων]νος
111. Τσουκάτου Κ. Ἰουλίτα
112. Τσουκάτος Ἰω. Δημήτρης
113. Τυροκόμου Π. Ἀνθούλα
114. Τυροκόμος Β. Γεώργιος
Υ
1. Ὑψηλάκης Δ. Κων]νος
Φ
1. Φακός Χρ. Γεώργιος
2. Φαρμακίδου Κ. Ἄννα
3. Φαρμακίδου Κ. Ἀσπασία
4. Φιλακουρίδης Δ. Δημήτριος
5. Φιλακουρίδης Ἀντ. Γεώργιος
6. Φιλακουρίδης Μ. Δημήτριος
7. Φιλακουρίδης Ἰακ. Γεώργιος
8. Φιλακουρίδου Ν. Μαρία
9. Φιλακουρίδης Δ. Ἀθανάσιος
10. Φιλιαγκουρίδης Ι. Ἰωάννης
11. Φιλιππαίου Ν. Ἄννα
12. Φιλιππίδης Ν. Ἀργύριος
13. Φιλίππου Φ. Μαρία
14. Φλαμπουριάρη Δ. Μαρία
15. Φλασκῆς Χρ. Νικόλαος
16. Φλασκῆ Θεοδ. Τασία
17. Φλασκάκης Θεόδωρος
18. Φλασκάκη Θ. Μαρία
19. Φλεμετάκης Ν. Ἀλίκη
20. Φλεμετάκης Μιχ. Κων]νος
21. Φλεμετάκη Α. Γεώργιος
22. Φλωριάν Ἀνδρ. Νικόλαος
23. Φλωριάν Σ. Ἀντωνία
24. Φορμόζης Γ. Ἰωάννης
25. Φορμόζη Κ. Σταματία
26. Φουράκης Ν. Δημήτριος
27. Φουρφουρίδης Ἰ. Κων]νος
28. Φραγκάκης Δ. Ἀναστάσιος
29. Φραγκίσκος Σωτ. Νικόλαος
30. Φραγκίσκου Ι. Μαργαρίτα
31. Φραγκούλης Ν. Ζαχαρίας
32. Φραγκούλης Κ. Φαΐδων
33. Φραγκούλης Ζ. Εὐστράτιος
34. Φραγκούλη Ζ. Ἐμμανουήλ
35. Φραγκούλη Ἀλ. Ἑλένη
36. Φύλλα Ν. Εὐλαμπία
37. Φύλλας Νικόλαος
38. Φυλλάκης Γεώργιος
39. Φωκᾶ Ἀλ. Ἀγγελική
40. Φωκᾶ Ν. Κωνσταντίνα
41. Φωκᾶς Ἀλ. Νικόλαος
42. Φωκάκης Σ. Νικόλαος
43. Φωτεινίδης Α. Κων]νος
44. Φωτεινίδης Μιχ. Γεώργιος
45. Φωτεινίδης Χ. Ἠλίας
46. Φωτεινίδου Γ. Ἀγλαΐα
47. Φωτεινίδου Ἠλ. Εἰρήνη
48. Φωτιάδης Ν. Μαρία
49. Φωτιάδης Ν. Θεόδωρος
50. Φωτιάδου Γ. Ἄννα
51. Φωτίου Ι. Μιλτιάδης
52. Φωτίου Εὐάγγελος
Χ
1. Χαδάκη Μ. Μαρία
2. Χαλβατζάκη Ν. Γεωργία
3. Χαλβατζάκης Γ. Κυριάκος
4. Χαλβατζάκης Α. Γεώργιος
5. Χαλβατζάκη Γ. Πέρσα
6. Χαλβατζάκης Γ. Νικόλαος
7. Χαλιάνος Σ. Στέλιος
8. Χαλιωρής Ματθ. Νικόλαος
9. Χαλκιαδάκη Στ. Ἀθηνᾶ
10. Χαλκίδου Ἀλ. Ἐρασμία
11. Χαλκίδου Α. Ἄννα
12. Χαλκίδου Κ. Ἀθηνᾶ
13. Χαλκίδου Μ. Ἠλέκτρα
14. Χαλκιοπούλου Κ. Ἑλένη
15. Χαλκιώτη Θ. Ἄννα
16. Χαλκούσης Ι. Γεώργιος
17. Χαλκούση Α. Στέλλα
18. Χαλκοῦσης Ἰωάννης
19. Χαλκούσης Ζαχαρίας
20. Χαλκούσης Νικόλαος
21. Χαλκούση Λορέντζος
22. Χαλκούσης Γεώργιος
23. Χαλκούση Α. Μίκες
24. Χαλλιόρας Ἀλ. Κων]νος
25. Χαραλαμπίδου Ἰγγ. Σοφία
26. Χαριλάου Ἐμμ. Ἀνδρέας
27. Χαριλάου Ξ. Μαίρη
28. Χαριλάου Ξ. Μιχαήλ
29. Χαριλάου Ἀνδρ. Ξενοφῶν
30. Χαριλάου Α. Ξενοφῶν
31. Χαριλάου Π. Δημήτριος
32. Χαριλάου Δ. Μαρία
33. Χαρίτου Ν. Αἰκατερίνη
34. Χαρίτου Ἀγ. Κων]νος
35. Χατζάκης Γ. Ἀλέξανδρος
36. Χατζάκης Ἰω. Βασίλειος
37. Χατζαντωνίου Β. Καλλιόπη
38. Χατζαντωνίου Βασίλειος
39. Χατζαντωνίου Ἀντ. Κυβέλη
40. Χατζαντώνη Ἀντ. Περσεφόνη
41. Χατζῆ Γ. Αἰκατερίνη
42. Χατζηαντωνη Μιχ. Αἰκατερίνη
43. Χατζηανέστης Ἰωάννης
44. Χατζηβασιλείου Μιχ. Κων]νος
45. Χατζηγιαννάκη Κ. Εἰρήνη
46. Χατζηγιαννάκη Κ. Νικόλαος
47. Χατζηγιαννάκης Ἀν. Κων.
48. Χατζηζήσου Κλ. Ἰωάννης
49. Χατζηκωνσταντίνου Γ. Κων.
50. Χατζηνικολάου Ν. Βασίλειος
51. Χατζηνικολάου Ν. Ἑλένη
52. Χατζηνικολάου Γ. Ἑλένη
53. Χατζηνικολάου Ἀντ. Ἰωάννης
54. Χατζηνικολάου Ἀλ. Μάρθα
55. Χατζηνικολάου Ἰω. Ἐμμανουήλ
56. Χατζηπέτρου Νικόλαος
57. Χατζηπέτρου Μιχ. Ἀγγελική
58. Χατζηφώτης Ἰω. Μιχαήλ
59. Χάσση Ι. Μαρία
60. Χιλλής Κων. Ἑλένη
61. Χλόης Μιχ. Σοφία
62. Χλόης Κων. Ἐμμανουήλ
63. Χλόη Ἐμμ. Εὐαγγελία
64. Χλόης Ἐμμ. Κων]νος
65. Χριστάκη Γ. Ἑλένη
66. Χριστάκης Γ. Γεράσιμος
67. Χριστιανίδης Δ. Εὐστάθιος
68. Χριστιανίδου Δ. Ἐλπίς
69. Χριστοδούλου Σ. Ἀθηνᾶ
70. Χριστοδούλου Μ. Δέσποινα
71. Χριστοδούλου Μιχ. Παναγιώτης
72. Χριστοφίδης Δ. Νικόλαος
73. Χριστοφίδης Μ. Στέλιος
74. Χριστοφίδης Κ. Ἄννα
75. Χρυσάνθης Γ. Βασίλειος
76. Χρυσάνθου Ν. Γεώργιος
77. Χρυσάνθου Ι. Ἰωάννα
78. Χρυσάφης Ἀντ. Ἰωάννα
79. Χρυσίδης Χριστόφορος
80. Χρυσοβέργη Γ. Εὐαγγελία
81. Χρυσοβέργης Α. Ἀθανάσιος
82. Χρυσοβέργη Κ. Θάλεια
83. Χρυσοβέργης Γ. Παῦλος
84. Χρυσοβέργης Δ. Γιάννος
85. Χρυσοχοΐδης Α. Εὐάγγελος
86. Χρυσοχοΐδη Κ. Μαρία
87. Χρυσοχοΐδης Ἐμμ. Κων]νος
88. Χρυσοχοΐδης Γ. Στυλιανός
89. Χρυσοχόου Ν. Εὐθαλία
90. Χρυσοχόου Ι. Ἰωάννης
91. Χρυσοστόμου Εὐ. Νικόλαος
92. Χρυσοστόμου Ι. Θεόδωρος
93. Χρυσοστόμου Ι. Χρῆστος
94. Χρυσογέλου Ἰω. Μαρία
95. Χρυσογέρη Ε. Πέρσα
96. Χρυσογέλου Εὐγ. Μαρία
97. Χρυσουδάκη Ι. Ἀριστέα
98. Χρυσούδης Εὐ. Ἰωάννης
99. Χρυσούδης Κ. Ἰωάννης
100. Χώνα Ἠλ. Ἀλέξανδρα
101. Χώνα Π. Εὐαγγελία
102. Χώνος Πέτρ. Ἠλίας
103. Χωρέλη Πέτρ. Ἐλισάβετ
104. Χωρέλη Γ. Εἰρήνη
105. Χωρέμης Ἀλ. Γεώργιος
106. Χαιδάρη Π. Εὐθαλία
Ψ
1. Ψαροβασίλης Ἰω. Χρῆστος
2. Ψαρρῆ Χ. Αἰκατερίνη
3. Ψαρρῆ Χ. Σπυρίδων
4. Ψαρρής Ἰω. Ἰωάννης
5. Ψαλίδας Ἀντ. Γεώργιος
6. Ψαμάς Γ. Ἀλέξανδρος
7. Ψυχαρόπουλος Ι. Γεώργιος
8. Ψύλλος Κ. Ἀντώνιος
9. Ψυχόλλος Ἀλ. Κων]νος
10. Ψωμαδέλλης Φ. Πέτρος
Ο ΚΙΝΗΜΑΤΟΓΡΑΦΟΣ
THE DEVIL'S DISCIPLE
ΣΤΟ ΡΙΑΛΤΟ
Ἡ Σάτιρα τοῦ Μπέρναρ Σὼ εἶναι ἀνεξάντλητη. Ἀνανεώνεται κάθε φορὰ ποὺ ἔρχεται στὴν ὀθόνη. Πρόκειται γιὰ ἕνα ἔργο γεμάτο δράση, χιοῦμορ καὶ ἀπρόβλεπτες ἐξελίξεις, ποὺ ἑρμηνεύουν μὲ ἐξαιρετική ἐπιτυχία ὁ Μπὲρτ Λάνκαστερ, ὁ Κὲρκ Ντάγκλας καὶ ὁ Λώρενς Ὀλίβιε.
ΙΕΡΟΣ ΝΑΟΣ ΕΥΑΓΓΕΛΙΣΜΟΥ
Φέρεται εἰς γνῶσιν τῶν εὐσεβῶν Χριστιανῶν ὅτι σήμερον Παρασκευὴν θὰ ψαλῇ ἐν τῷ Ἱερῷ Ναῷ τοῦ Εὐαγγελισμοῦ ἡ Ἀκολουθία τῶν Χαιρετισμῶν τῆς Ὑπεραγίας Θεοτόκου.
(Ἐκ τοῦ Γραφείου τοῦ Ναοῦ)
